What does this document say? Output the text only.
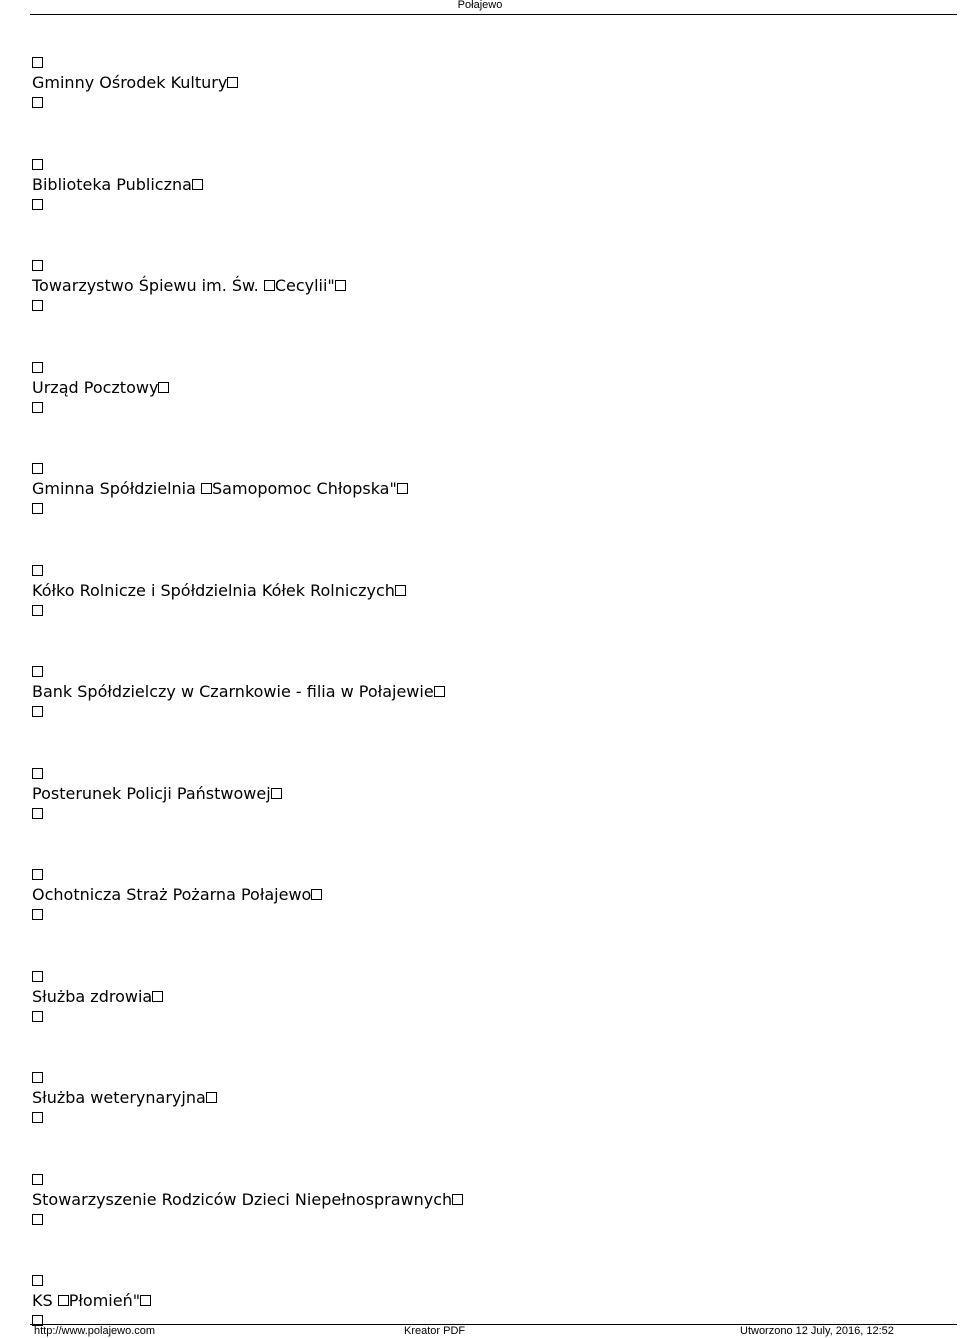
Połajewo
Gminny Ośrodek Kultury
Biblioteka Publiczna
Towarzystwo Śpiewu im. Św. Cecylii"
Urząd Pocztowy
Gminna Spółdzielnia Samopomoc Chłopska"
Kółko Rolnicze i Spółdzielnia Kółek Rolniczych
Bank Spółdzielczy w Czarnkowie - filia w Połajewie
Posterunek Policji Państwowej
Ochotnicza Straż Pożarna Połajewo
Służba zdrowia
Służba weterynaryjna
Stowarzyszenie Rodziców Dzieci Niepełnosprawnych
KS Płomień"
http://www.polajewo.com	Kreator PDF	Utworzono 12 July, 2016, 12:52
